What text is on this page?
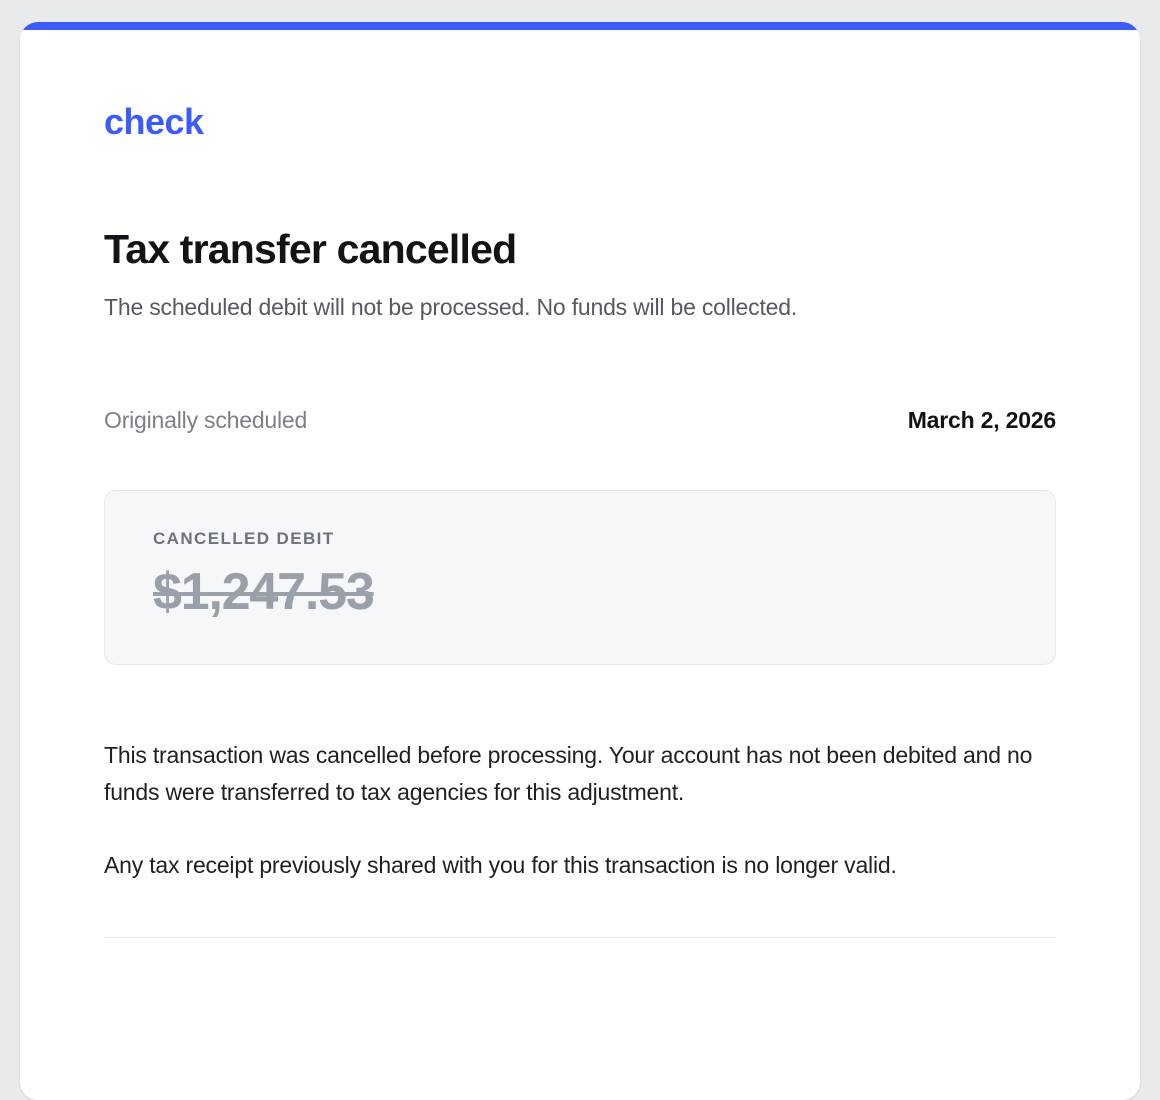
check
Tax transfer cancelled

The scheduled debit will not be processed. No funds will be collected.

Originally scheduled	March 2, 2026
CANCELLED DEBIT
$1,247.53

This transaction was cancelled before processing. Your account has not been debited and no funds were transferred to tax agencies for this adjustment.

Any tax receipt previously shared with you for this transaction is no longer valid.
